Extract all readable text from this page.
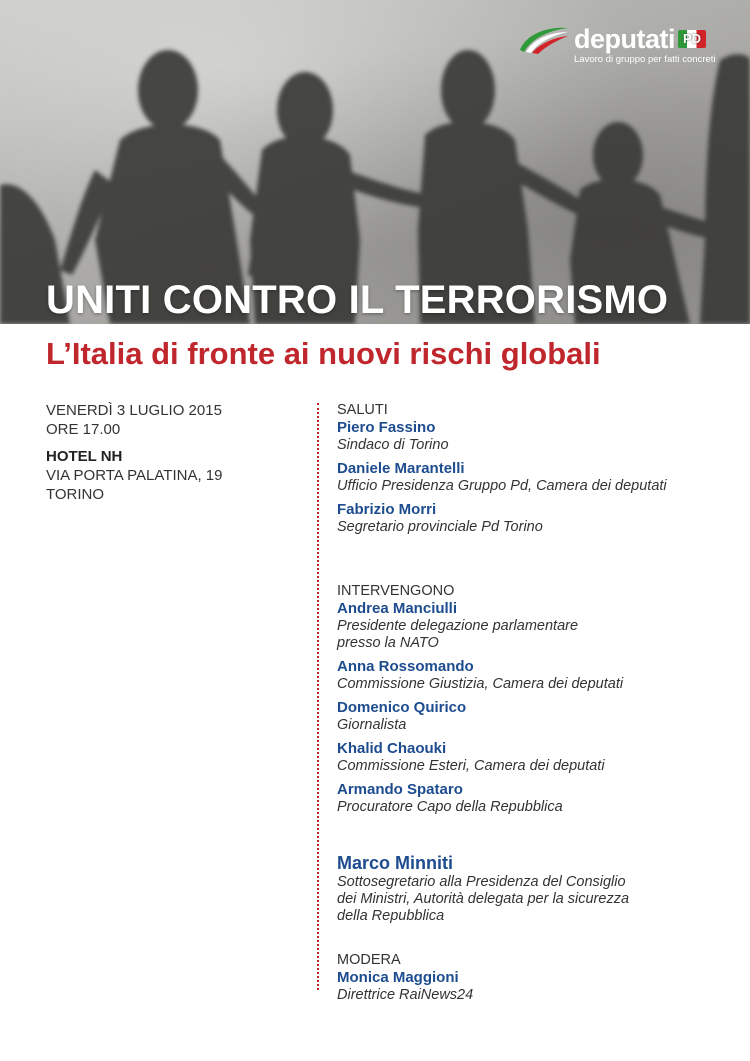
deputati PD
Lavoro di gruppo per fatti concreti
UNITI CONTRO IL TERRORISMO
L’Italia di fronte ai nuovi rischi globali
VENERDÌ 3 LUGLIO 2015
ORE 17.00
HOTEL NH
VIA PORTA PALATINA, 19
TORINO
SALUTI
Piero Fassino
Sindaco di Torino
Daniele Marantelli
Ufficio Presidenza Gruppo Pd, Camera dei deputati
Fabrizio Morri
Segretario provinciale Pd Torino
INTERVENGONO
Andrea Manciulli
Presidente delegazione parlamentare
presso la NATO
Anna Rossomando
Commissione Giustizia, Camera dei deputati
Domenico Quirico
Giornalista
Khalid Chaouki
Commissione Esteri, Camera dei deputati
Armando Spataro
Procuratore Capo della Repubblica
Marco Minniti
Sottosegretario alla Presidenza del Consiglio
dei Ministri, Autorità delegata per la sicurezza
della Repubblica
MODERA
Monica Maggioni
Direttrice RaiNews24
